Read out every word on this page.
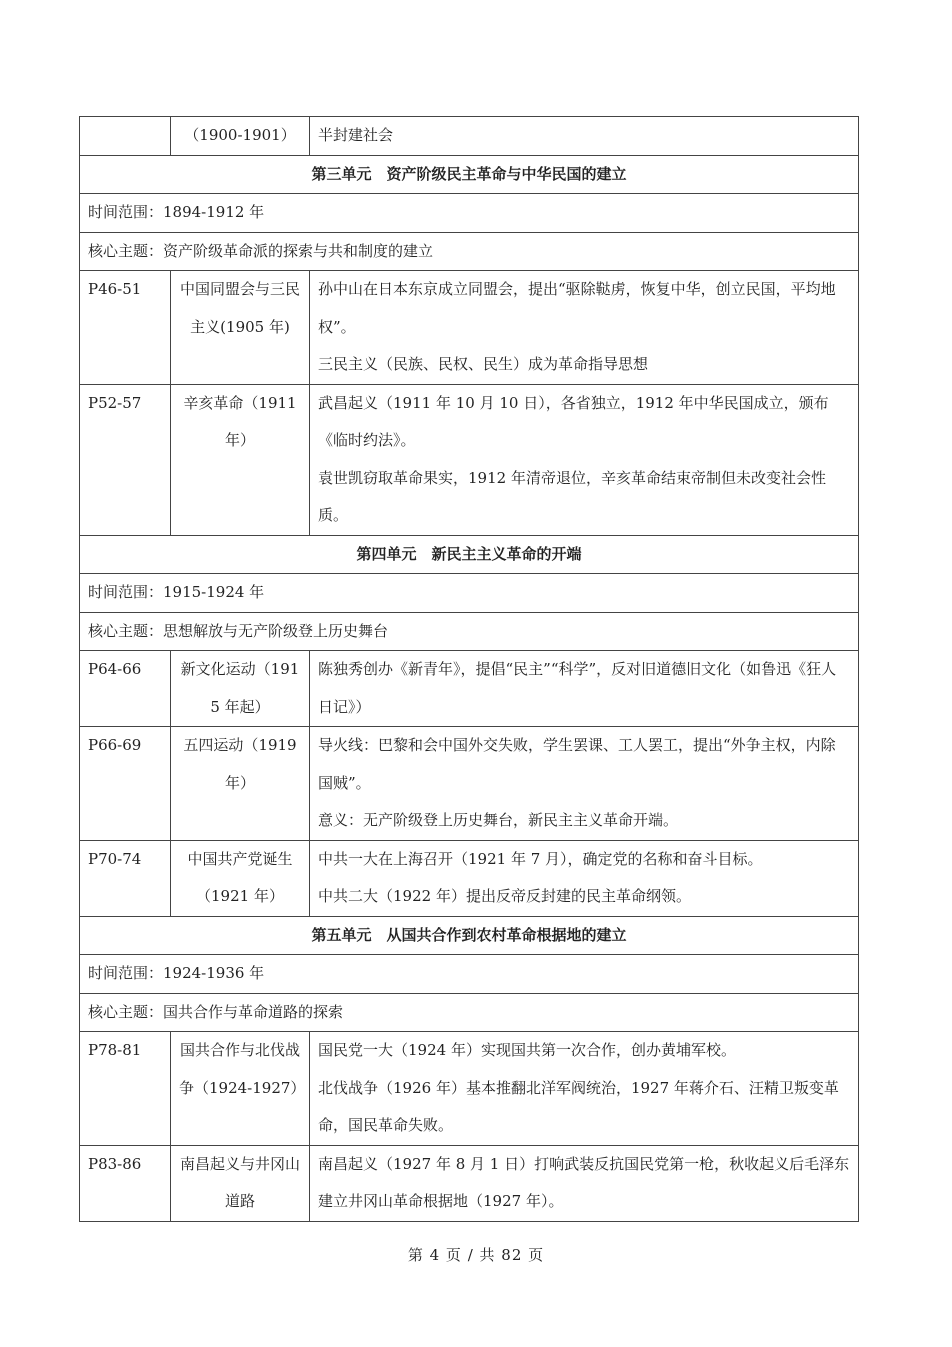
	（1900-1901）	半封建社会
第三单元　资产阶级民主革命与中华民国的建立		
时间范围：1894-1912 年		
核心主题：资产阶级革命派的探索与共和制度的建立		
P46-51	中国同盟会与三民主义(1905 年)	孙中山在日本东京成立同盟会，提出“驱除鞑虏，恢复中华，创立民国，平均地权”。
三民主义（民族、民权、民生）成为革命指导思想

P52-57	辛亥革命（1911年）	武昌起义（1911 年 10 月 10 日），各省独立，1912 年中华民国成立，颁布《临时约法》。
袁世凯窃取革命果实，1912 年清帝退位，辛亥革命结束帝制但未改变社会性质。

第四单元　新民主主义革命的开端		
时间范围：1915-1924 年		
核心主题：思想解放与无产阶级登上历史舞台		
P64-66	新文化运动（1915 年起）	陈独秀创办《新青年》，提倡“民主”“科学”，反对旧道德旧文化（如鲁迅《狂人日记》）

P66-69	五四运动（1919年）	导火线：巴黎和会中国外交失败，学生罢课、工人罢工，提出“外争主权，内除国贼”。
意义：无产阶级登上历史舞台，新民主主义革命开端。

P70-74	中国共产党诞生（1921 年）	中共一大在上海召开（1921 年 7 月），确定党的名称和奋斗目标。
中共二大（1922 年）提出反帝反封建的民主革命纲领。

第五单元　从国共合作到农村革命根据地的建立		
时间范围：1924-1936 年		
核心主题：国共合作与革命道路的探索		
P78-81	国共合作与北伐战争（1924-1927）	国民党一大（1924 年）实现国共第一次合作，创办黄埔军校。
北伐战争（1926 年）基本推翻北洋军阀统治，1927 年蒋介石、汪精卫叛变革命，国民革命失败。

P83-86	南昌起义与井冈山道路	南昌起义（1927 年 8 月 1 日）打响武装反抗国民党第一枪，秋收起义后毛泽东建立井冈山革命根据地（1927 年）。
第 4 页 / 共 82 页
